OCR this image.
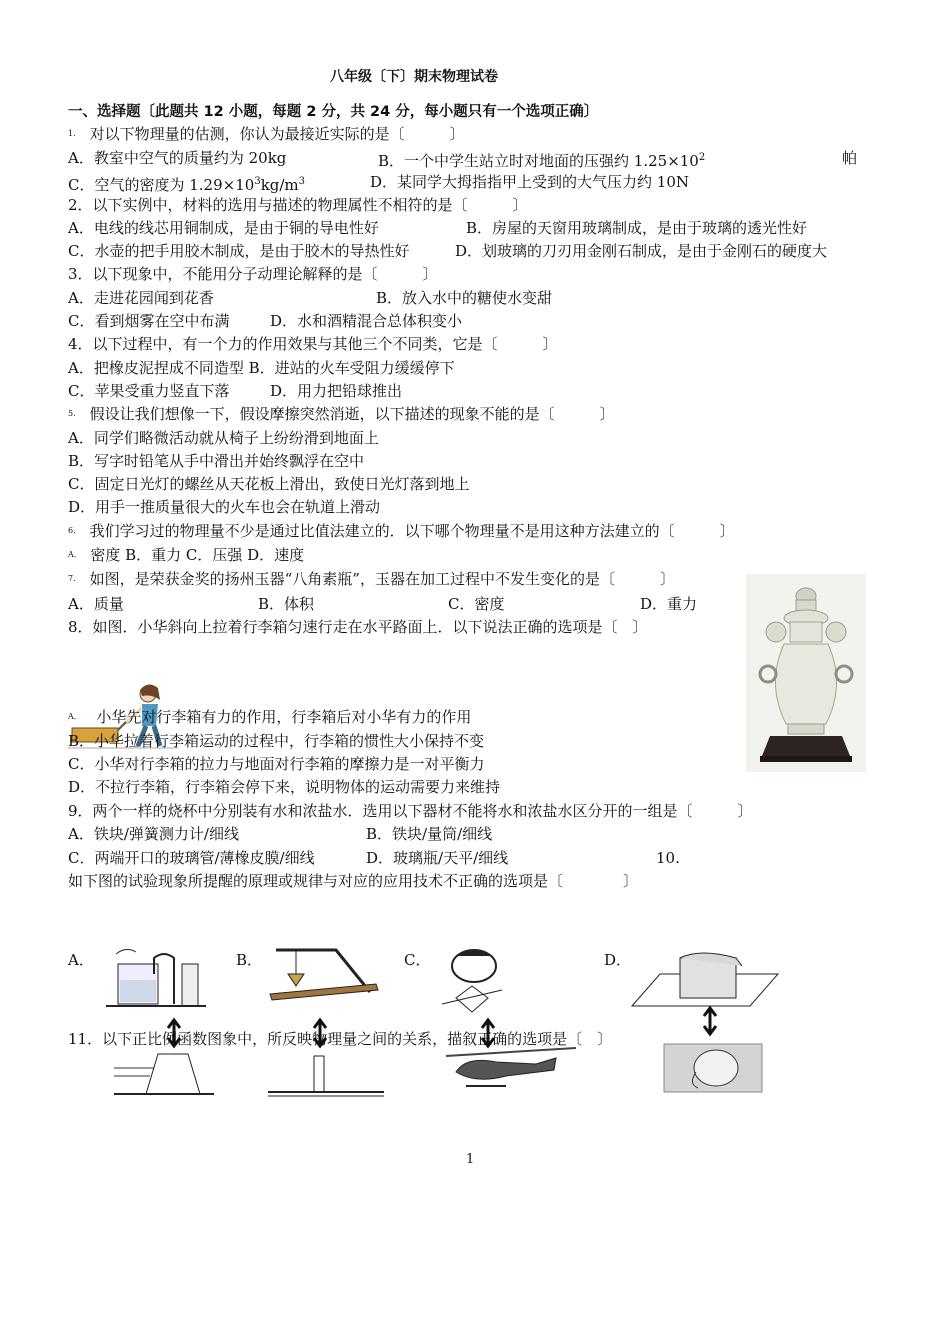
八年级〔下〕期末物理试卷
一、选择题〔此题共 12 小题，每题 2 分，共 24 分，每小题只有一个选项正确〕
$^{1.}$ 对以下物理量的估测，你认为最接近实际的是〔　　　〕
A．教室中空气的质量约为 20kg	B．一个中学生站立时对地面的压强约 $1.25\times 10^2$	帕
C．空气的密度为 $1.29\times 10^3kg/m^3$	D．某同学大拇指指甲上受到的大气压力约 10N
2．以下实例中，材料的选用与描述的物理属性不相符的是〔　　　〕
A．电线的线芯用铜制成，是由于铜的导电性好	B．房屋的天窗用玻璃制成，是由于玻璃的透光性好
C．水壶的把手用胶木制成，是由于胶木的导热性好	D．划玻璃的刀刃用金刚石制成，是由于金刚石的硬度大
3．以下现象中，不能用分子动理论解释的是〔　　　〕
A．走进花园闻到花香	B．放入水中的糖使水变甜
C．看到烟雾在空中布满	D．水和酒精混合总体积变小
4．以下过程中，有一个力的作用效果与其他三个不同类，它是〔　　　〕
A．把橡皮泥捏成不同造型 B．进站的火车受阻力缓缓停下
C．苹果受重力竖直下落	D．用力把铅球推出
$^{5.}$ 假设让我们想像一下，假设摩擦突然消逝，以下描述的现象不能的是〔　　　〕
A．同学们略微活动就从椅子上纷纷滑到地面上
B．写字时铅笔从手中滑出并始终飘浮在空中
C．固定日光灯的螺丝从天花板上滑出，致使日光灯落到地上
D．用手一推质量很大的火车也会在轨道上滑动
$^{6.}$ 我们学习过的物理量不少是通过比值法建立的．以下哪个物理量不是用这种方法建立的〔　　　〕
$^{A.}$ 密度 B．重力 C．压强 D．速度
$^{7.}$ 如图，是荣获金奖的扬州玉器“八角素瓶”，玉器在加工过程中不发生变化的是〔　　　〕
A．质量	B．体积	C．密度	D．重力
8．如图．小华斜向上拉着行李箱匀速行走在水平路面上．以下说法正确的选项是〔　〕
$^{A.}$ 小华先对行李箱有力的作用，行李箱后对小华有力的作用
B．小华拉着行李箱运动的过程中，行李箱的惯性大小保持不变
C．小华对行李箱的拉力与地面对行李箱的摩擦力是一对平衡力
D．不拉行李箱，行李箱会停下来，说明物体的运动需要力来维持
9．两个一样的烧杯中分别装有水和浓盐水．选用以下器材不能将水和浓盐水区分开的一组是〔　　　〕
A．铁块/弹簧测力计/细线	B．铁块/量筒/细线
C．两端开口的玻璃管/薄橡皮膜/细线	D．玻璃瓶/天平/细线	10.
如下图的试验现象所提醒的原理或规律与对应的应用技术不正确的选项是〔　　　　〕
A．	B．	C．	D．
11．以下正比例函数图象中，所反映物理量之间的关系，描叙正确的选项是〔　〕
1
